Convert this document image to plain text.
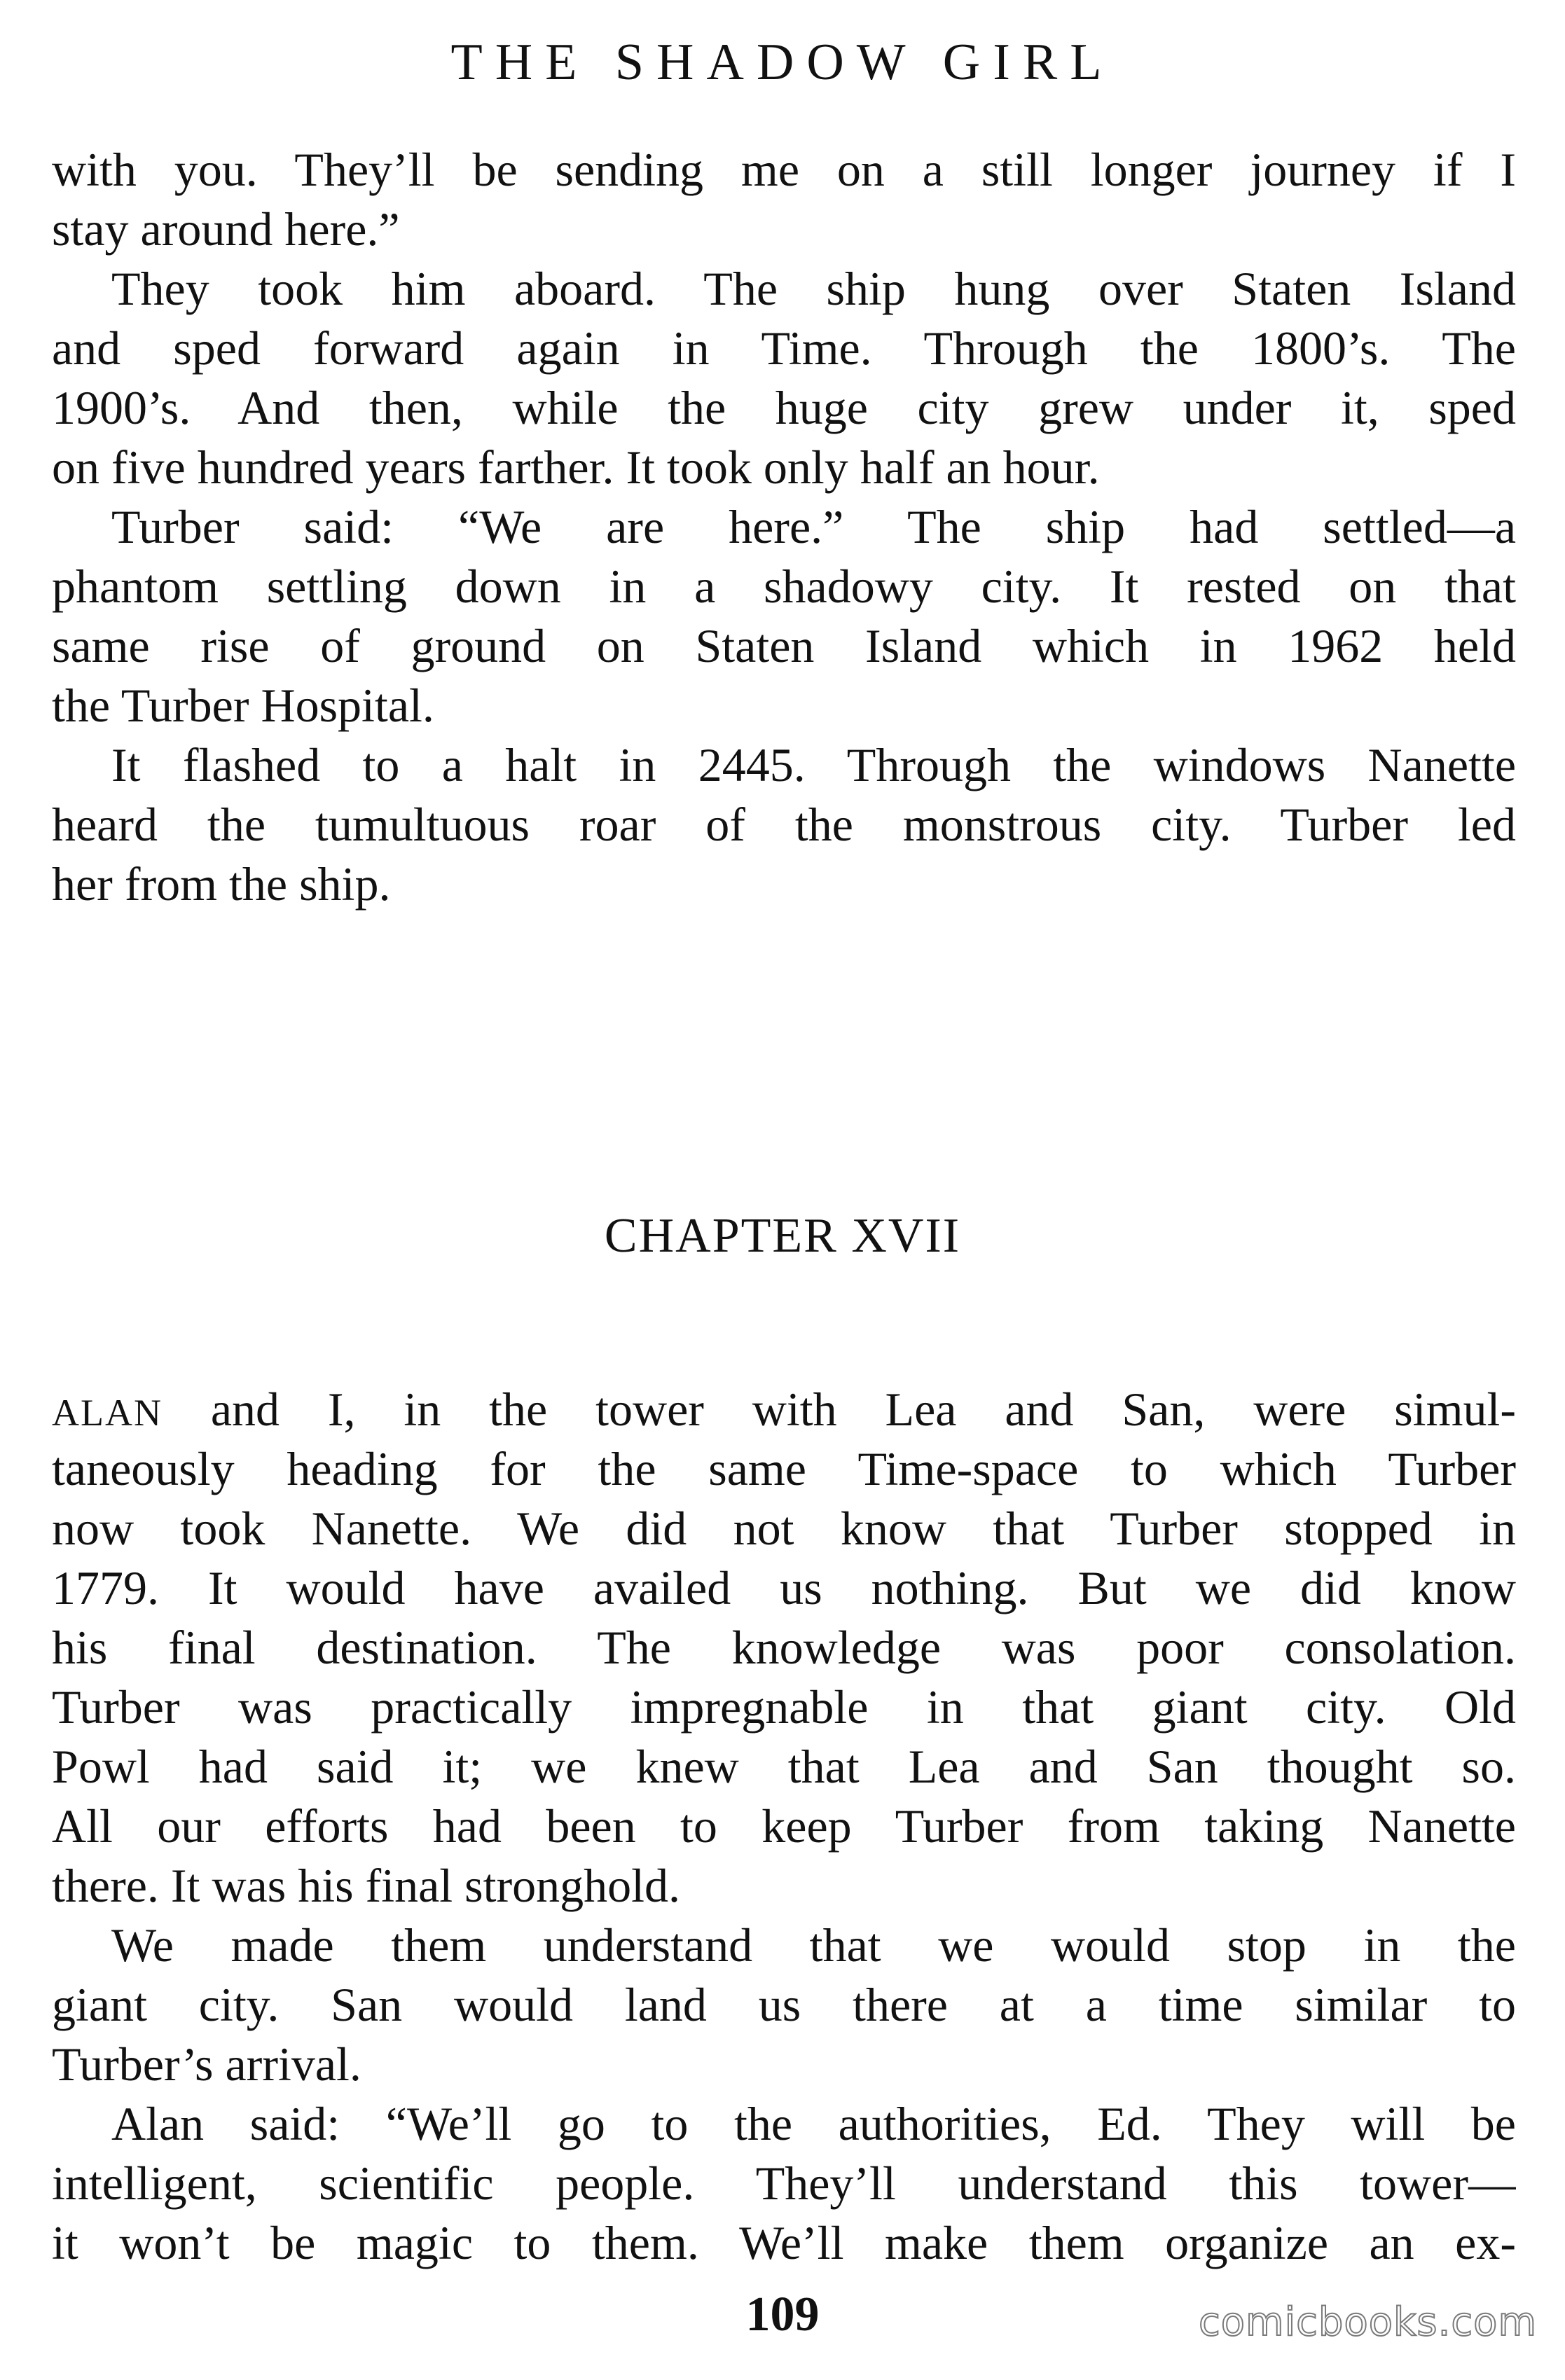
THE SHADOW GIRL
with you. They’ll be sending me on a still longer journey if I
stay around here.”
They took him aboard. The ship hung over Staten Island
and sped forward again in Time. Through the 1800’s. The
1900’s. And then, while the huge city grew under it, sped
on five hundred years farther. It took only half an hour.
Turber said: “We are here.” The ship had settled—a
phantom settling down in a shadowy city. It rested on that
same rise of ground on Staten Island which in 1962 held
the Turber Hospital.
It flashed to a halt in 2445. Through the windows Nanette
heard the tumultuous roar of the monstrous city. Turber led
her from the ship.
CHAPTER XVII
ALAN and I, in the tower with Lea and San, were simul-
taneously heading for the same Time-space to which Turber
now took Nanette. We did not know that Turber stopped in
1779. It would have availed us nothing. But we did know
his final destination. The knowledge was poor consolation.
Turber was practically impregnable in that giant city. Old
Powl had said it; we knew that Lea and San thought so.
All our efforts had been to keep Turber from taking Nanette
there. It was his final stronghold.
We made them understand that we would stop in the
giant city. San would land us there at a time similar to
Turber’s arrival.
Alan said: “We’ll go to the authorities, Ed. They will be
intelligent, scientific people. They’ll understand this tower—
it won’t be magic to them. We’ll make them organize an ex-
109	comicbooks.com
